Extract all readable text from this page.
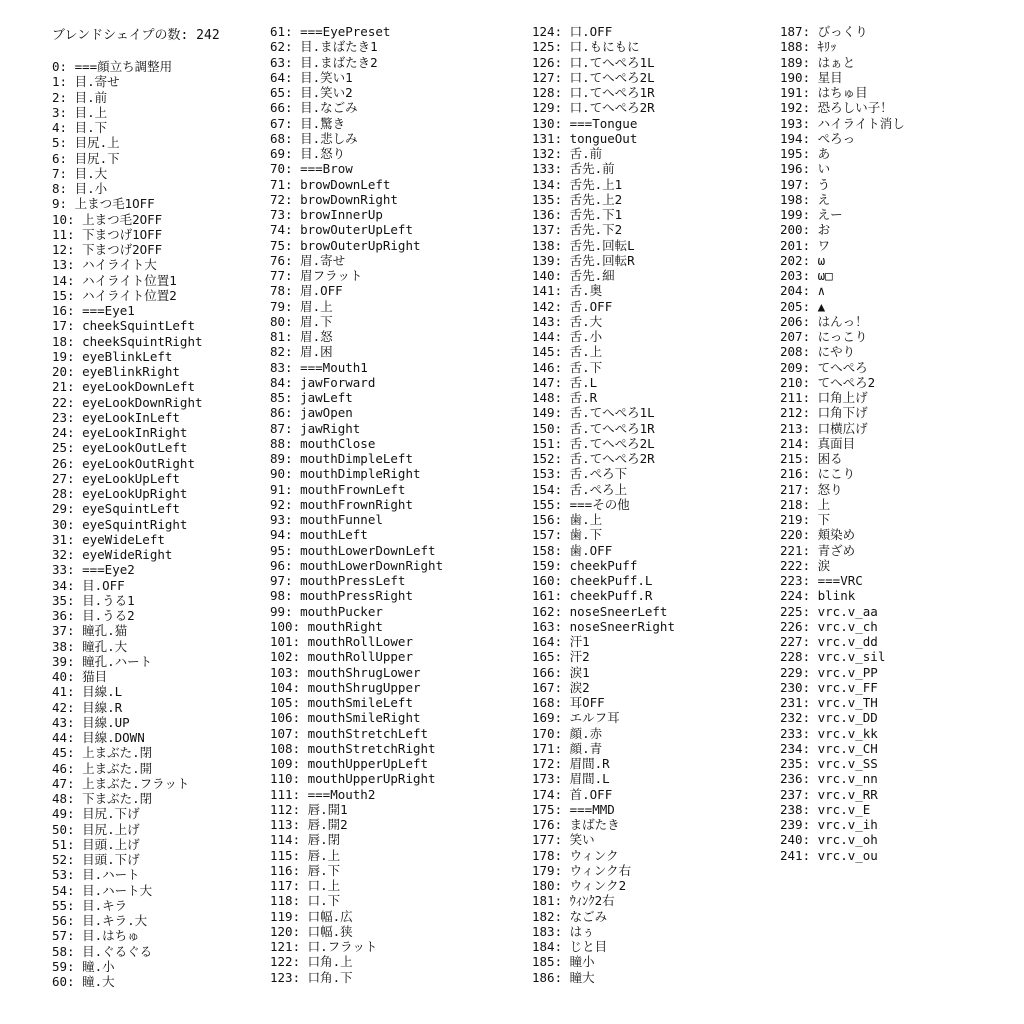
ブレンドシェイプの数: 242
0: ===顔立ち調整用
1: 目.寄せ
2: 目.前
3: 目.上
4: 目.下
5: 目尻.上
6: 目尻.下
7: 目.大
8: 目.小
9: 上まつ毛1OFF
10: 上まつ毛2OFF
11: 下まつげ1OFF
12: 下まつげ2OFF
13: ハイライト大
14: ハイライト位置1
15: ハイライト位置2
16: ===Eye1
17: cheekSquintLeft
18: cheekSquintRight
19: eyeBlinkLeft
20: eyeBlinkRight
21: eyeLookDownLeft
22: eyeLookDownRight
23: eyeLookInLeft
24: eyeLookInRight
25: eyeLookOutLeft
26: eyeLookOutRight
27: eyeLookUpLeft
28: eyeLookUpRight
29: eyeSquintLeft
30: eyeSquintRight
31: eyeWideLeft
32: eyeWideRight
33: ===Eye2
34: 目.OFF
35: 目.うる1
36: 目.うる2
37: 瞳孔.猫
38: 瞳孔.大
39: 瞳孔.ハート
40: 猫目
41: 目線.L
42: 目線.R
43: 目線.UP
44: 目線.DOWN
45: 上まぶた.閉
46: 上まぶた.開
47: 上まぶた.フラット
48: 下まぶた.閉
49: 目尻.下げ
50: 目尻.上げ
51: 目頭.上げ
52: 目頭.下げ
53: 目.ハート
54: 目.ハート大
55: 目.キラ
56: 目.キラ.大
57: 目.はちゅ
58: 目.ぐるぐる
59: 瞳.小
60: 瞳.大
61: ===EyePreset
62: 目.まばたき1
63: 目.まばたき2
64: 目.笑い1
65: 目.笑い2
66: 目.なごみ
67: 目.驚き
68: 目.悲しみ
69: 目.怒り
70: ===Brow
71: browDownLeft
72: browDownRight
73: browInnerUp
74: browOuterUpLeft
75: browOuterUpRight
76: 眉.寄せ
77: 眉フラット
78: 眉.OFF
79: 眉.上
80: 眉.下
81: 眉.怒
82: 眉.困
83: ===Mouth1
84: jawForward
85: jawLeft
86: jawOpen
87: jawRight
88: mouthClose
89: mouthDimpleLeft
90: mouthDimpleRight
91: mouthFrownLeft
92: mouthFrownRight
93: mouthFunnel
94: mouthLeft
95: mouthLowerDownLeft
96: mouthLowerDownRight
97: mouthPressLeft
98: mouthPressRight
99: mouthPucker
100: mouthRight
101: mouthRollLower
102: mouthRollUpper
103: mouthShrugLower
104: mouthShrugUpper
105: mouthSmileLeft
106: mouthSmileRight
107: mouthStretchLeft
108: mouthStretchRight
109: mouthUpperUpLeft
110: mouthUpperUpRight
111: ===Mouth2
112: 唇.開1
113: 唇.開2
114: 唇.閉
115: 唇.上
116: 唇.下
117: 口.上
118: 口.下
119: 口幅.広
120: 口幅.狭
121: 口.フラット
122: 口角.上
123: 口角.下
124: 口.OFF
125: 口.もにもに
126: 口.てへぺろ1L
127: 口.てへぺろ2L
128: 口.てへぺろ1R
129: 口.てへぺろ2R
130: ===Tongue
131: tongueOut
132: 舌.前
133: 舌先.前
134: 舌先.上1
135: 舌先.上2
136: 舌先.下1
137: 舌先.下2
138: 舌先.回転L
139: 舌先.回転R
140: 舌先.細
141: 舌.奥
142: 舌.OFF
143: 舌.大
144: 舌.小
145: 舌.上
146: 舌.下
147: 舌.L
148: 舌.R
149: 舌.てへぺろ1L
150: 舌.てへぺろ1R
151: 舌.てへぺろ2L
152: 舌.てへぺろ2R
153: 舌.ぺろ下
154: 舌.ぺろ上
155: ===その他
156: 歯.上
157: 歯.下
158: 歯.OFF
159: cheekPuff
160: cheekPuff.L
161: cheekPuff.R
162: noseSneerLeft
163: noseSneerRight
164: 汗1
165: 汗2
166: 涙1
167: 涙2
168: 耳OFF
169: エルフ耳
170: 顔.赤
171: 顔.青
172: 眉間.R
173: 眉間.L
174: 首.OFF
175: ===MMD
176: まばたき
177: 笑い
178: ウィンク
179: ウィンク右
180: ウィンク2
181: ｳｨﾝｸ2右
182: なごみ
183: はぅ
184: じと目
185: 瞳小
186: 瞳大
187: びっくり
188: ｷﾘｯ
189: はぁと
190: 星目
191: はちゅ目
192: 恐ろしい子！
193: ハイライト消し
194: ぺろっ
195: あ
196: い
197: う
198: え
199: えー
200: お
201: ワ
202: ω
203: ω□
204: ∧
205: ▲
206: はんっ！
207: にっこり
208: にやり
209: てへぺろ
210: てへぺろ2
211: 口角上げ
212: 口角下げ
213: 口横広げ
214: 真面目
215: 困る
216: にこり
217: 怒り
218: 上
219: 下
220: 頬染め
221: 青ざめ
222: 涙
223: ===VRC
224: blink
225: vrc.v_aa
226: vrc.v_ch
227: vrc.v_dd
228: vrc.v_sil
229: vrc.v_PP
230: vrc.v_FF
231: vrc.v_TH
232: vrc.v_DD
233: vrc.v_kk
234: vrc.v_CH
235: vrc.v_SS
236: vrc.v_nn
237: vrc.v_RR
238: vrc.v_E
239: vrc.v_ih
240: vrc.v_oh
241: vrc.v_ou
